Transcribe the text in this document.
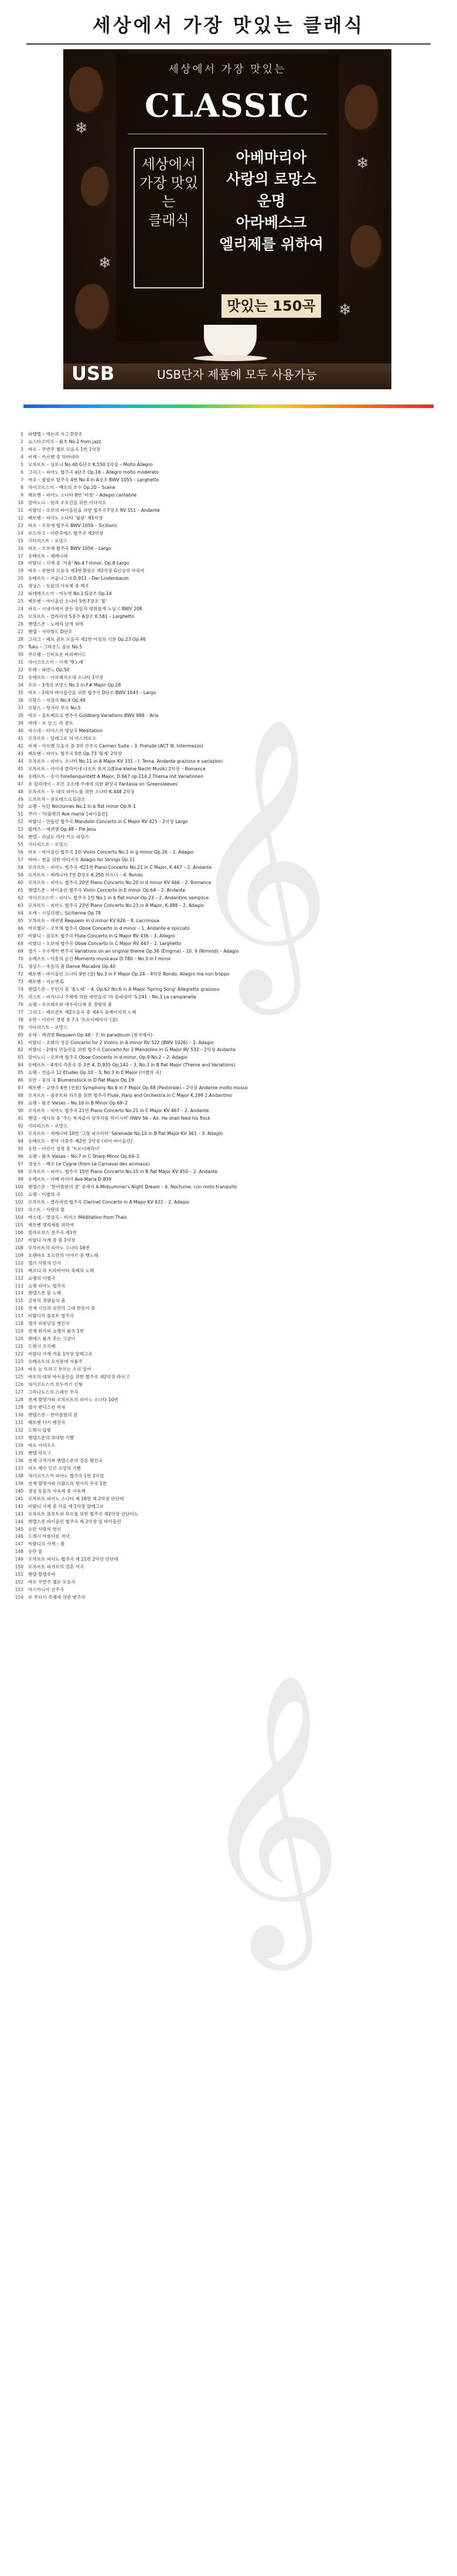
세상에서 가장 맛있는 클래식
❄
❄
❄
❄
세상에서 가장 맛있는
CLASSIC
세상에서
가장 맛있는
클래식
아베마리아
사랑의 로망스
운명
아라베스크
엘리제를 위하여
맛있는 150곡
USB	USB단자 제품에 모두 사용가능
𝄞
𝄞
1 파헬벨 – 캐논과 지그 D장조
2 쇼스타코비치 – 왈츠 No.2 from jazz
3 바흐 – 무반주 첼로 모음곡 1번 1악장
4 비제 – 카르멘 중 하바네라
5 모차르트 – 심포니 No.40 G단조 K.550 1악장 – Molto Allegro
6 그리그 – 피아노 협주곡 a단조 Op.16 – Allegro molto moderato
7 바흐 – 팔팔로 합주곡 4번 No.4 in A장조 BWV 1055 – Larghetto
8 차이코프스키 – 백조의 호수 Op.20 – Scene
9 베토벤 – 피아노 소나타 8번 '비창' – Adagio cantabile
10 알비노니 – 현과 오르간을 위한 아다지오
11 비발디 – 오보의 바이올린을 위한 협주곡 F장조 RV 551 – Andante
12 베토벤 – 피아노 소나타 '월광' 제1악장
13 바흐 – 오보에 협주곡 BWV 1059 – Siciliano
14 로드리고 – 아란후에스 협주곡 제2악장
15 기타리스트 – 로망스
16 바흐 – 오보에 협주곡 BWV 1056 – Largo
17 슈베르트 – 세레나데
18 비발디 – 사계 중 '겨울' No.4 f minor, Op.8 Largo
19 바흐 – 관현악 모음곡 제3번 D장조 제2악장 G선상의 아리아
20 슈베르트 – 겨울나그네 D.911 – Der Lindenbaum
21 생상스 – 동물의 사육제 중 백조
22 파데레프스키 – 미뉴엣 No.1 G장조 Op.14
23 베토벤 – 바이올린 소나타 5번 F장조 '봄'
24 바흐 – 시냇가에서 잠든 양들의 평화롭게 노닐고 BWV 208
25 모차르트 – 클라리넷 5중주 A장조 K.581 – Larghetto
26 멘델스존 – 노래의 날개 위에
27 헨델 – 사라방드 D단조
28 그리그 – 페르 귄트 모음곡 제1번 아침의 기분 Op.23 Op.46
29 Tuku – 그라운드 솔로 No.5
30 쿠프랭 – 신비로운 바리케이드
31 차이코프스키 – 사계 '뱃노래'
32 포레 – 파반느 Op.50
33 슈베르트 – 아르페지오네 소나타 1악장
34 수르 – 3개의 로망스 No.2 in F# Major Op.28
35 바흐 – 2대의 바이올린을 위한 협주곡 D단조 BWV 1043 – Largo
36 브람스 – 자장가 No.4 Op.49
37 브람스 – 헝가리 무곡 No.5
38 바흐 – 골트베르크 변주곡 Goldberg Variations BWV 988 – Aria
39 마레 – 르 상 드 라 퀸트
40 마스네 – 타이스의 명상곡 Meditation
41 모차르트 – 알레그로 더 마스테로소
42 비제 – 카르멘 모음곡 중 3막 간주곡 Carmen Suite – 3. Prelude (ACT III, Intermezzo)
43 베토벤 – 피아노 협주곡 5번 Op.73 '황제' 2악장
44 모차르트 – 피아노 소나타 No.11 in A Major KV 331 – I. Tema. Andante grazioso e variazioni
45 모차르트 – 아이네 클라이네 나흐트 뮤지크(Eine kleine Nacht Musik) 2악장 – Romance
46 슈베르트 – 송어 Forellenquintett A Major, D.667 op.114 2.Thema mit Variationen
47 호 할리데이 – 푸른 옷소매 주제에 의한 환상곡 Fantasia on 'Greensleeves'
48 모차르트 – 두 대의 피아노를 위한 소나타 K.448 2악장
49 드보르작 – 유모레스크 G장조
50 쇼팽 – 녹턴 Nocturnes No.1 in b flat minor Op.9–1
51 쿠이 – '타불렛의 Ave maria' [파이올린]
52 비발디 – 만돌린 협주곡 Mandolin Concerto in C Major RV 425 – 2악장 Largo
53 륄레즈 – 레퀴엠 Op.48 – Pie Jesu
54 헨델 – 리날도 라샤 키오 피앙가
55 기타리스트 – 로망스
56 바흐 – 바이올린 협주곡 1번 Violin Concerto No.1 in g minor Op.26 – 2. Adagio
57 바버 – 현을 위한 아다지오 Adagio for Strings Op.11
58 모차르트 – 피아노 협주곡 제21번 Piano Concerto No.21 in C Major, K.467 – 2. Andante
59 모차르트 – 세레나데 7번 D장조 K.250 하프너 – 4. Rondo
60 모차르트 – 피아노 협주곡 20번 Piano Concerto No.20 in d minor KV 466 – 2. Romance
61 멘델스존 – 바이올린 협주곡 Violin Concerto in E minor Op.64 – 2. Andante
62 차이코프스키 – 피아노 협주곡 1번 No.1 in b flat minor Op.23 – 2. Andantino semplice
63 모차르트 – 피아노 협주곡 23번 Piano Concerto No.23 in A Major, K.488 – 2. Adagio
64 포레 – 시실리엔느 Sicilienne Op.78
65 모차르트 – 레퀴엠 Requiem in d minor KV 626 – 8. Lacrimosa
66 마르첼로 – 오보에 협주곡 Oboe Concerto in d minor – 1. Andante e spiccato
67 비발디 – 플루트 협주곡 Flute Concerto in G Major RV 436 – 3. Allegro
68 비발디 – 오보에 협주곡 Oboe Concerto in C Major RV 447 – 2. Larghetto
69 엘가 – 수수께끼 변주곡 Variations on an original theme Op.36 (Enigma) – 10. 9 (Nimrod) – Adagio
70 슈베르트 – 악흥의 순간 Moments musicaux D.780 – No.3 in f minor
71 생상스 – 죽음의 춤 Danse Macabre Op.40
72 베토벤 – 바이올린 소나타 9번 (클) No.3 in F Major Op.24 – 4악장 Rondo, Allegro ma non troppo
73 베토벤 – 미뉴엣 G
74 멘델스존 – 무언가 중 '봄노래' – 4, Op.62 No.6 in A Major 'Spring Song' Allegretto grazioso
75 리스트 – 피가니니 주제에 의한 대연습곡 '라 캄파넬라' S.141 – No.3 La campanella
76 쇼팽 – 오르페오와 에우리디체 중 정령의 춤
77 그리그 – 페르귄트 제2모음곡 중 제4곡 솔베이지의 노래
78 슈만 – 어린이 정경 중 7곡 '트로이메라이' (꿈)
79 기타리스트 – 로망스
80 포레 – 레퀴엠 Requiem Op.48 – 7. In paradisum (천국에서)
81 비발디 – 조화의 영감 Concerto for 2 Violins in A minor RV 522 (BWV 1026) – 1. Adagio
82 비발디 – 2대의 만돌린을 위한 협주곡 Concerto for 2 Mandolins in G Major RV 532 – 2악장 Andante
83 알비노니 – 오보에 협주곡 Oboe Concerto in d minor, Op.9 No.2 – 2. Adagio
84 슈베르트 – 4개의 즉흥곡 중 3번 4. D.935 Op.142 – 3, No.3 in B flat Major (Theme and Variations)
85 쇼팽 – 연습곡 12 Etudes Op.10 – 3, No.3 in E Major (이별의 곡)
86 슈만 – 꽃의 곡 Blumenstück in D flat Major Op.19
87 베토벤 – 교향곡 6번 (전원) Symphony No.6 in F Major Op.68 (Pastorale) – 2악장 Andante molto mosso
88 모차르트 – 플루트와 하프를 위한 협주곡 Flute, Harp and Orchestra in C Major K.299 2.Andantino
89 쇼팽 – 왈츠 Valses – No.10 in B Minor Op.69–2
90 모차르트 – 피아노 협주곡 21번 Piano Concerto No.21 in C Major KV 467 – 2. Andante
91 헨델 – 에시의 풍 '주는 목자같이 양무리를 먹이시며' HWV 56 – Air. He shall feed his flock
92 기타리스트 – 로망스
93 모차르트 – 세레나데 10번 '그랑 파르티타' Serenade No.10 in B flat Major KV 361 – 3. Adagio
94 슈베르트 – 현악 사중주 제2번 '2악장 (피아 바이올린)'
95 슈만 – 어린이 정경 중 '트로이메라이'
96 쇼팽 – 왈츠 Valses – No.7 in C Sharp Minor Op.64–2
97 생상스 – 백조 Le Cygne (from Le Carnaval des animaux)
98 모차르트 – 피아노 협주곡 15번 Piano Concerto No.15 in B flat Major KV 450 – 2. Andante
99 슈베르트 – 아베 마리아 Ave Maria D.839
100 멘델스존 – '한여름밤의 꿈' 중에서 A Midsummer's Night Dream – 6. Nocturne. con moto tranquillo
101 쇼팽 – 이별의 곡
102 모차르트 – 클라리넷 협주곡 Clarinet Concerto in A Major KV 622 – 2. Adagio
103 리스트 – 사랑의 꿈
104 마스네 – 명상곡 – 타이스 Méditation from Thaïs
105 베토벤 엘리제를 위하여
106 빌라로보스 전주곡 제1번
107 비발디 사계 중 봄 1악장
108 모차르트의 피아노 소나타 16번
109 오펜바흐 호프만의 이야기 중 뱃노래
110 엘가 사랑의 인사
111 베르디 라 트라비아타 축배의 노래
112 쇼팽의 이별곡
113 쇼팽 피아노 협주곡
114 멘델스존 봄 노래
115 글룩의 정령들의 춤
116 천재 시인과 슈만의 그대 한송이 꽃
117 비발디의 플루트 협주곡
118 엘가 위풍당당 행진곡
119 천재 화가와 쇼팽의 왈츠 1번
120 멘데스 왈츠 추는 고양이
121 드뷔시 조각배
122 비발디 사계 겨울 1악장 알레그로
123 슈베르트의 로자문데 서룸주
124 바흐 눈 뜨라고 부르는 소리 있어
125 바흐의 대위 바이올린을 위한 협주곡 제2악장 라르고
126 차이코프스키 호두까기 인형
127 그라나도스의 스페인 무곡
128 천재 발명가와 모차르트의 피아노 소나타 10번
129 엘가 변덕스런 여자
130 멘델스존 – 한여름밤의 꿈
131 베토벤 터키 행진곡
132 드뷔시 달빛
133 멘델스존의 위대함 기쁨
134 바흐 아리오소
135 헨델 라르고
136 천재 극작가와 멘델스존의 결혼 행진곡
137 바흐 예수 인간 소망의 기쁨
138 차이코프스키 피아노 협주곡 1번 1악장
139 천재 발명가와 브람스의 헝가리 무곡 1번
140 생상 동물의 사육제 중 사육제
141 모차르트 피아노 소나타 제 16번 제 2악장 안단테
142 비발디 사계 중 가을 제 1악장 알레그로
143 모차르트 플루트와 하프를 위한 협주곡 제2악장 안단티노
144 멘델스존 바이올린 협주곡 제 2악장 일 바이올린
145 슈만 사랑의 헌신
146 드뷔시 아름다운 저녁
147 비발디의 사계 – 봄
148 슈만 꿈
149 모차르트 피아노 협주곡 제 21번 2악장 안단테
150 모차르트 피가로의 결혼 서곡
151 헨델 할렐루야
152 바흐 무반주 첼로 모음곡
153 아스카니아 간주곡
154 로 부다시 주제에 의한 변주곡
